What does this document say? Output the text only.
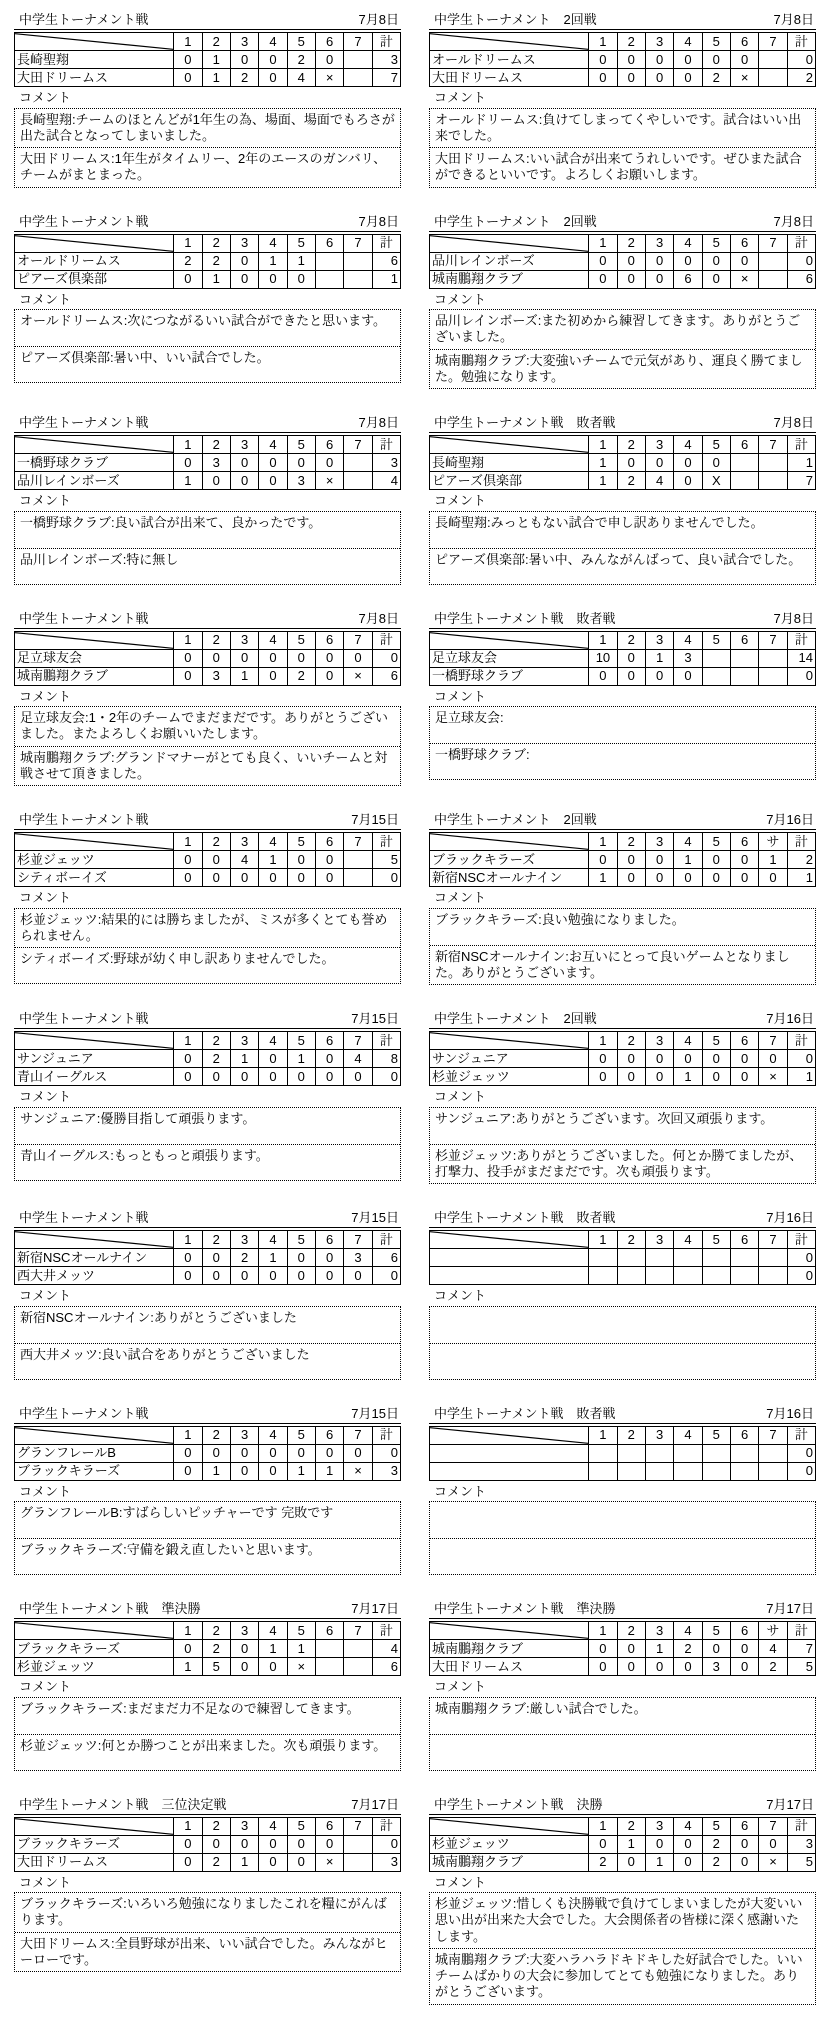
中学生トーナメント戦	7月8日
	1	2	3	4	5	6	7	計
長崎聖翔	0	1	0	0	2	0		3
大田ドリームス	0	1	2	0	4	×		7
コメント
長崎聖翔:チームのほとんどが1年生の為、場面、場面でもろさが出た試合となってしまいました。
大田ドリームス:1年生がタイムリー、2年のエースのガンバリ、チームがまとまった。
中学生トーナメント　2回戦	7月8日
	1	2	3	4	5	6	7	計
オールドリームス	0	0	0	0	0	0		0
大田ドリームス	0	0	0	0	2	×		2
コメント
オールドリームス:負けてしまってくやしいです。試合はいい出来でした。
大田ドリームス:いい試合が出来てうれしいです。ぜひまた試合ができるといいです。よろしくお願いします。
中学生トーナメント戦	7月8日
	1	2	3	4	5	6	7	計
オールドリームス	2	2	0	1	1			6
ピアーズ倶楽部	0	1	0	0	0			1
コメント
オールドリームス:次につながるいい試合ができたと思います。
ピアーズ倶楽部:暑い中、いい試合でした。
中学生トーナメント　2回戦	7月8日
	1	2	3	4	5	6	7	計
品川レインボーズ	0	0	0	0	0	0		0
城南鵬翔クラブ	0	0	0	6	0	×		6
コメント
品川レインボーズ:また初めから練習してきます。ありがとうございました。
城南鵬翔クラブ:大変強いチームで元気があり、運良く勝てました。勉強になります。
中学生トーナメント戦	7月8日
	1	2	3	4	5	6	7	計
一橋野球クラブ	0	3	0	0	0	0		3
品川レインボーズ	1	0	0	0	3	×		4
コメント
一橋野球クラブ:良い試合が出来て、良かったです。
品川レインボーズ:特に無し
中学生トーナメント戦　敗者戦	7月8日
	1	2	3	4	5	6	7	計
長崎聖翔	1	0	0	0	0			1
ピアーズ倶楽部	1	2	4	0	X			7
コメント
長崎聖翔:みっともない試合で申し訳ありませんでした。
ピアーズ倶楽部:暑い中、みんながんばって、良い試合でした。
中学生トーナメント戦	7月8日
	1	2	3	4	5	6	7	計
足立球友会	0	0	0	0	0	0	0	0
城南鵬翔クラブ	0	3	1	0	2	0	×	6
コメント
足立球友会:1・2年のチームでまだまだです。ありがとうございました。またよろしくお願いいたします。
城南鵬翔クラブ:グランドマナーがとても良く、いいチームと対戦させて頂きました。
中学生トーナメント戦　敗者戦	7月8日
	1	2	3	4	5	6	7	計
足立球友会	10	0	1	3				14
一橋野球クラブ	0	0	0	0				0
コメント
足立球友会:
一橋野球クラブ:
中学生トーナメント戦	7月15日
	1	2	3	4	5	6	7	計
杉並ジェッツ	0	0	4	1	0	0		5
シティボーイズ	0	0	0	0	0	0		0
コメント
杉並ジェッツ:結果的には勝ちましたが、ミスが多くとても誉められません。
シティボーイズ:野球が幼く申し訳ありませんでした。
中学生トーナメント　2回戦	7月16日
	1	2	3	4	5	6	サ	計
ブラックキラーズ	0	0	0	1	0	0	1	2
新宿NSCオールナイン	1	0	0	0	0	0	0	1
コメント
ブラックキラーズ:良い勉強になりました。
新宿NSCオールナイン:お互いにとって良いゲームとなりました。ありがとうございます。
中学生トーナメント戦	7月15日
	1	2	3	4	5	6	7	計
サンジュニア	0	2	1	0	1	0	4	8
青山イーグルス	0	0	0	0	0	0	0	0
コメント
サンジュニア:優勝目指して頑張ります。
青山イーグルス:もっともっと頑張ります。
中学生トーナメント　2回戦	7月16日
	1	2	3	4	5	6	7	計
サンジュニア	0	0	0	0	0	0	0	0
杉並ジェッツ	0	0	0	1	0	0	×	1
コメント
サンジュニア:ありがとうございます。次回又頑張ります。
杉並ジェッツ:ありがとうございました。何とか勝てましたが、打撃力、投手がまだまだです。次も頑張ります。
中学生トーナメント戦	7月15日
	1	2	3	4	5	6	7	計
新宿NSCオールナイン	0	0	2	1	0	0	3	6
西大井メッツ	0	0	0	0	0	0	0	0
コメント
新宿NSCオールナイン:ありがとうございました
西大井メッツ:良い試合をありがとうございました
中学生トーナメント戦　敗者戦	7月16日
	1	2	3	4	5	6	7	計
								0
								0
コメント
中学生トーナメント戦	7月15日
	1	2	3	4	5	6	7	計
グランフレールB	0	0	0	0	0	0	0	0
ブラックキラーズ	0	1	0	0	1	1	×	3
コメント
グランフレールB:すばらしいピッチャーです 完敗です
ブラックキラーズ:守備を鍛え直したいと思います。
中学生トーナメント戦　敗者戦	7月16日
	1	2	3	4	5	6	7	計
								0
								0
コメント
中学生トーナメント戦　準決勝	7月17日
	1	2	3	4	5	6	7	計
ブラックキラーズ	0	2	0	1	1			4
杉並ジェッツ	1	5	0	0	×			6
コメント
ブラックキラーズ:まだまだ力不足なので練習してきます。
杉並ジェッツ:何とか勝つことが出来ました。次も頑張ります。
中学生トーナメント戦　準決勝	7月17日
	1	2	3	4	5	6	サ	計
城南鵬翔クラブ	0	0	1	2	0	0	4	7
大田ドリームス	0	0	0	0	3	0	2	5
コメント
城南鵬翔クラブ:厳しい試合でした。
中学生トーナメント戦　三位決定戦	7月17日
	1	2	3	4	5	6	7	計
ブラックキラーズ	0	0	0	0	0	0		0
大田ドリームス	0	2	1	0	0	×		3
コメント
ブラックキラーズ:いろいろ勉強になりましたこれを糧にがんばります。
大田ドリームス:全員野球が出来、いい試合でした。みんながヒーローです。
中学生トーナメント戦　決勝	7月17日
	1	2	3	4	5	6	7	計
杉並ジェッツ	0	1	0	0	2	0	0	3
城南鵬翔クラブ	2	0	1	0	2	0	×	5
コメント
杉並ジェッツ:惜しくも決勝戦で負けてしまいましたが大変いい思い出が出来た大会でした。大会関係者の皆様に深く感謝いたします。
城南鵬翔クラブ:大変ハラハラドキドキした好試合でした。いいチームばかりの大会に参加してとても勉強になりました。ありがとうございます。
